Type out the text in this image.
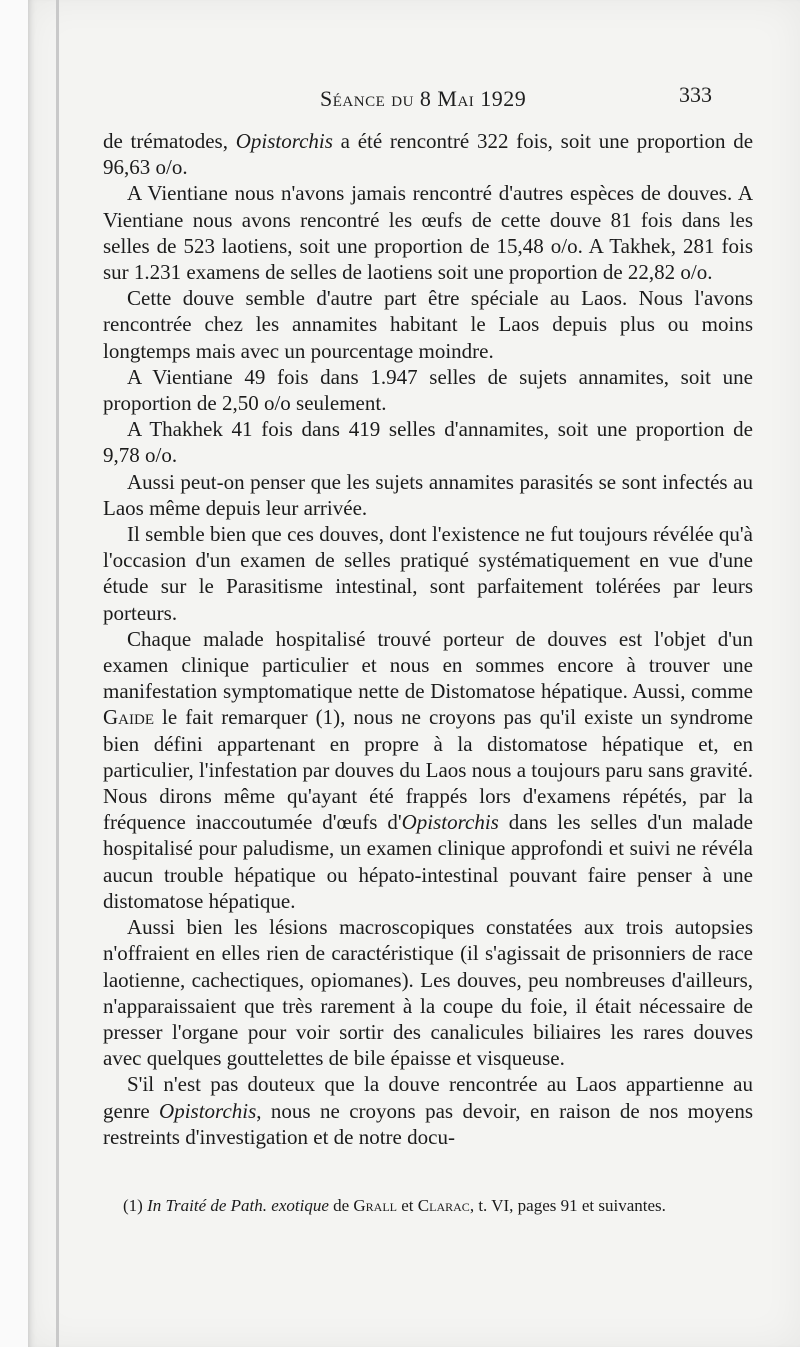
Séance du 8 Mai 1929	333

de trématodes, Opistorchis a été rencontré 322 fois, soit une proportion de 96,63 o/o.

A Vientiane nous n'avons jamais rencontré d'autres espèces de douves. A Vientiane nous avons rencontré les œufs de cette douve 81 fois dans les selles de 523 laotiens, soit une proportion de 15,48 o/o. A Takhek, 281 fois sur 1.231 examens de selles de laotiens soit une proportion de 22,82 o/o.

Cette douve semble d'autre part être spéciale au Laos. Nous l'avons rencontrée chez les annamites habitant le Laos depuis plus ou moins longtemps mais avec un pourcentage moindre.

A Vientiane 49 fois dans 1.947 selles de sujets annamites, soit une proportion de 2,50 o/o seulement.

A Thakhek 41 fois dans 419 selles d'annamites, soit une proportion de 9,78 o/o.

Aussi peut-on penser que les sujets annamites parasités se sont infectés au Laos même depuis leur arrivée.

Il semble bien que ces douves, dont l'existence ne fut toujours révélée qu'à l'occasion d'un examen de selles pratiqué systématiquement en vue d'une étude sur le Parasitisme intestinal, sont parfaitement tolérées par leurs porteurs.

Chaque malade hospitalisé trouvé porteur de douves est l'objet d'un examen clinique particulier et nous en sommes encore à trouver une manifestation symptomatique nette de Distomatose hépatique. Aussi, comme Gaide le fait remarquer (1), nous ne croyons pas qu'il existe un syndrome bien défini appartenant en propre à la distomatose hépatique et, en particulier, l'infestation par douves du Laos nous a toujours paru sans gravité. Nous dirons même qu'ayant été frappés lors d'examens répétés, par la fréquence inaccoutumée d'œufs d'Opistorchis dans les selles d'un malade hospitalisé pour paludisme, un examen clinique approfondi et suivi ne révéla aucun trouble hépatique ou hépato-intestinal pouvant faire penser à une distomatose hépatique.

Aussi bien les lésions macroscopiques constatées aux trois autopsies n'offraient en elles rien de caractéristique (il s'agissait de prisonniers de race laotienne, cachectiques, opiomanes). Les douves, peu nombreuses d'ailleurs, n'apparaissaient que très rarement à la coupe du foie, il était nécessaire de presser l'organe pour voir sortir des canalicules biliaires les rares douves avec quelques gouttelettes de bile épaisse et visqueuse.

S'il n'est pas douteux que la douve rencontrée au Laos appartienne au genre Opistorchis, nous ne croyons pas devoir, en raison de nos moyens restreints d'investigation et de notre docu-

(1) In Traité de Path. exotique de Grall et Clarac, t. VI, pages 91 et suivantes.
